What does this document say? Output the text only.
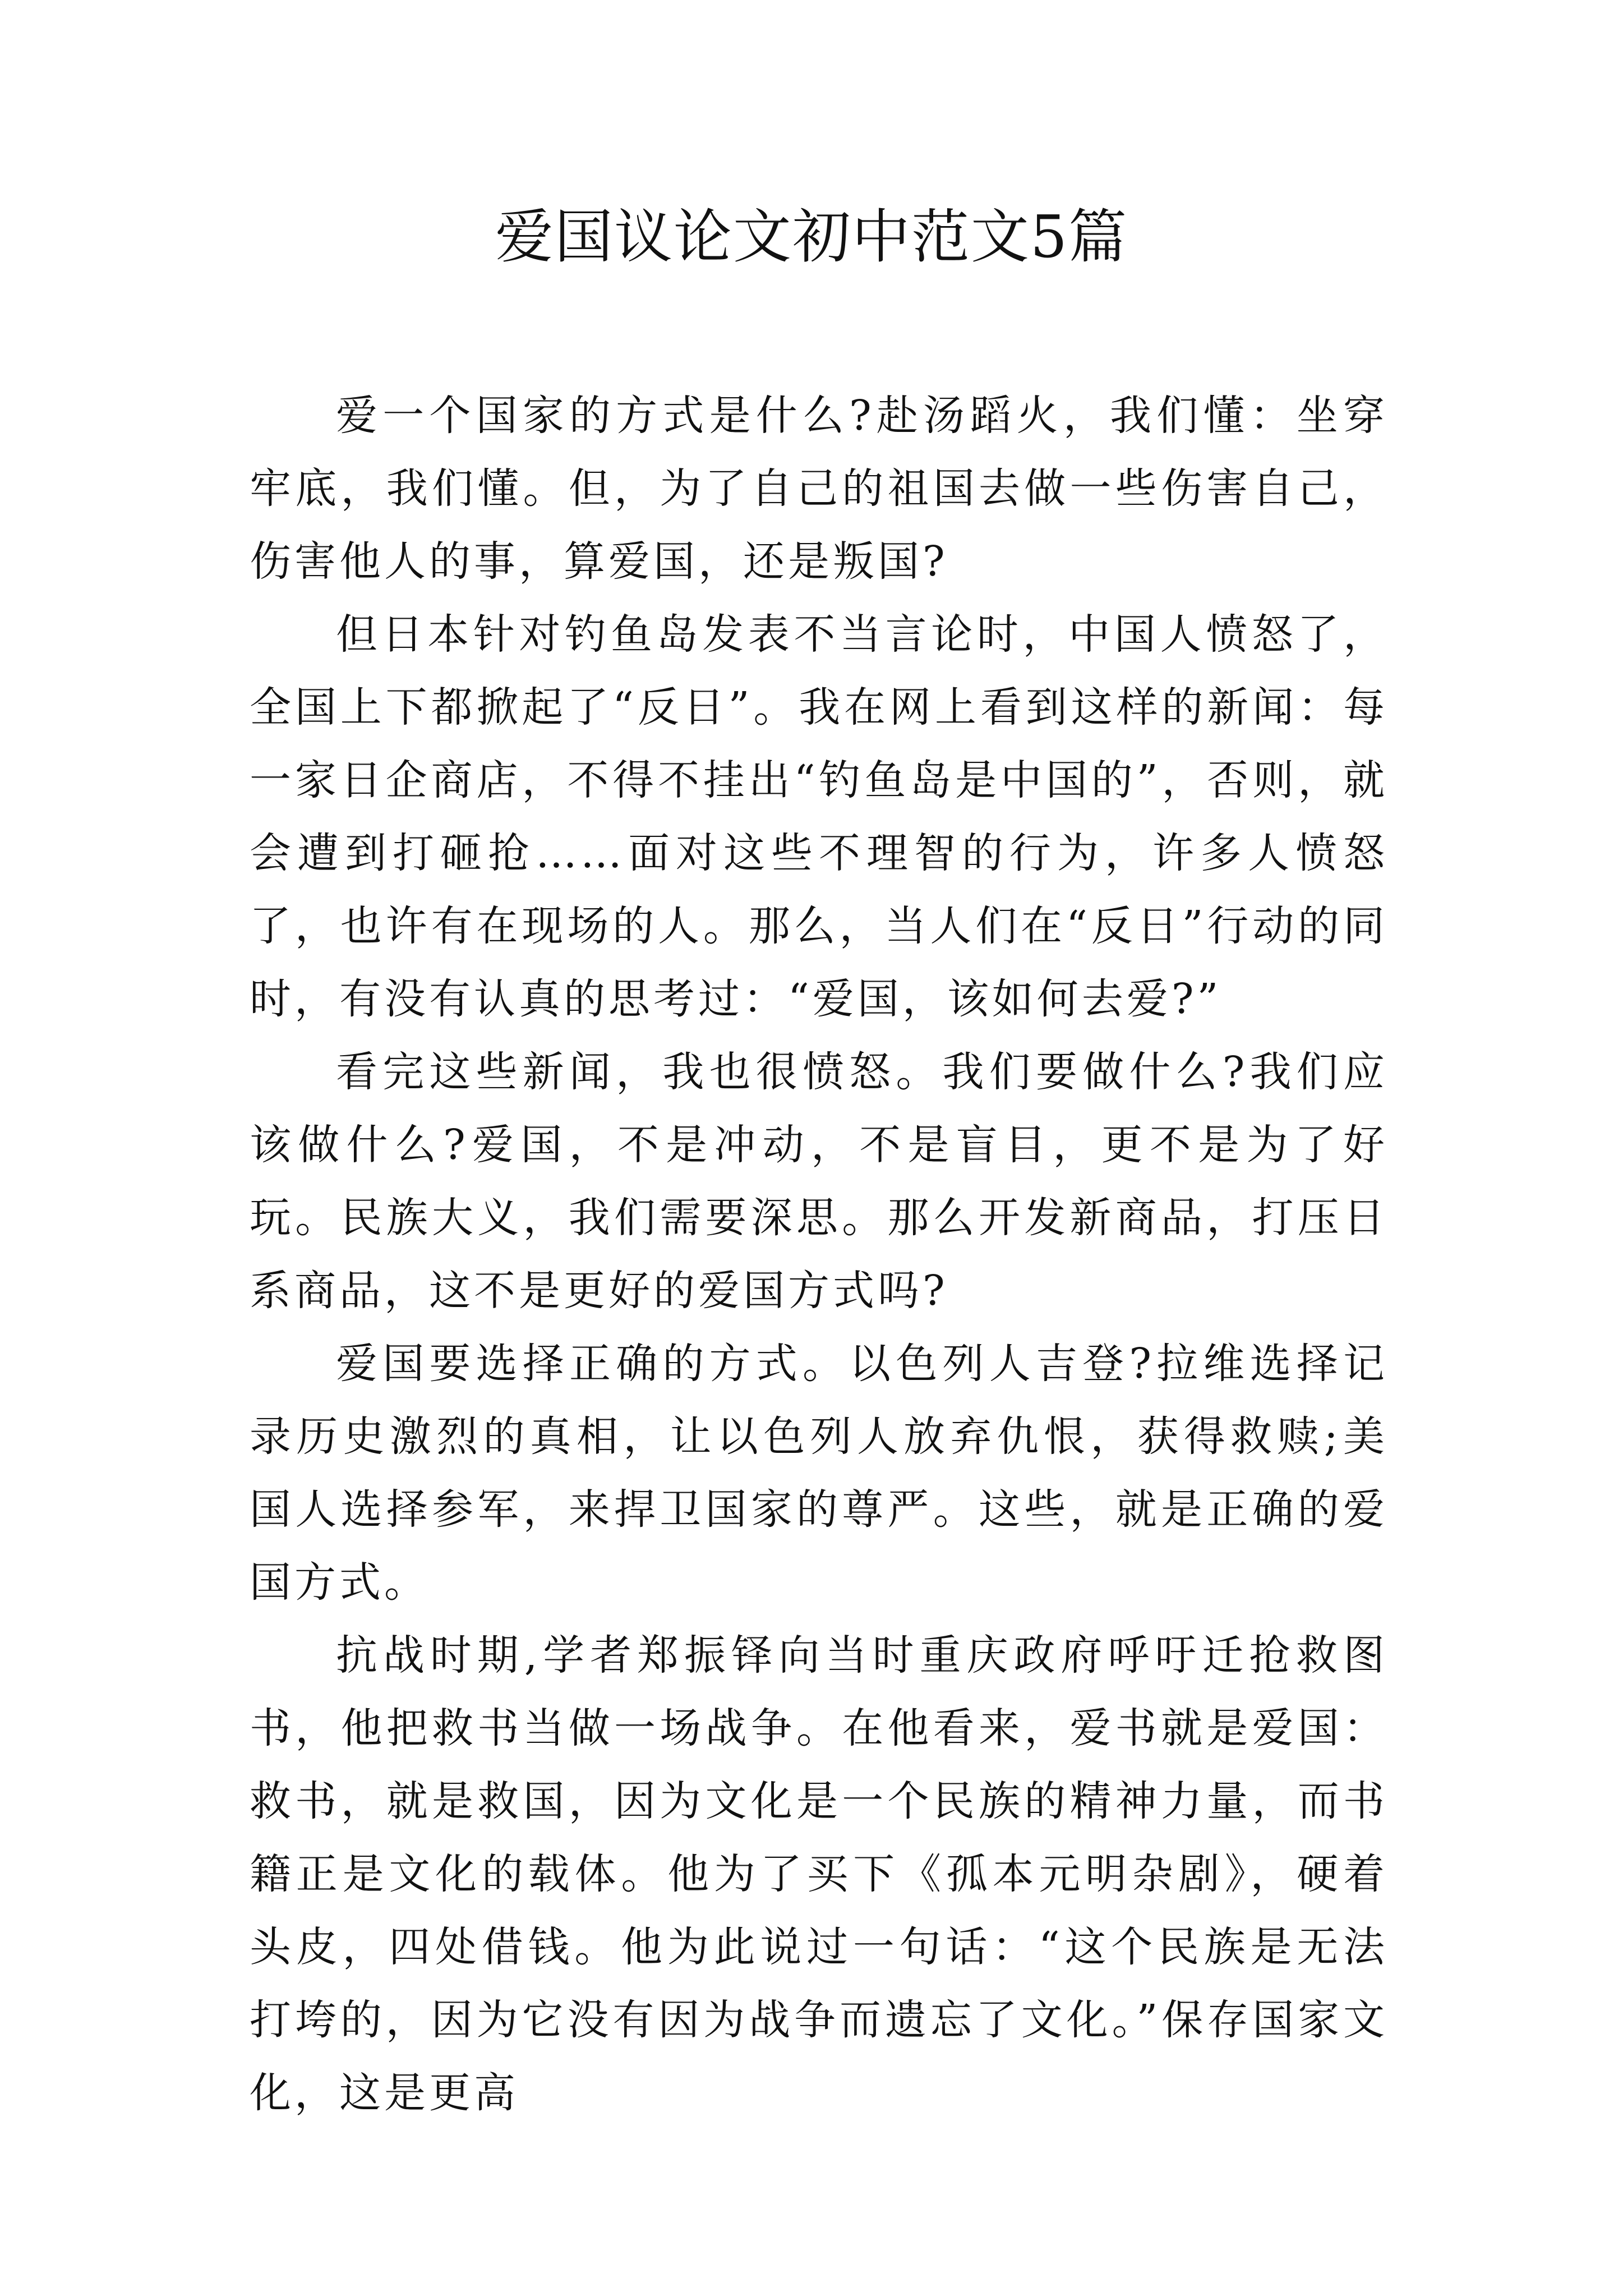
爱国议论文初中范文5篇

爱一个国家的方式是什么?赴汤蹈火，我们懂：坐穿牢底，我们懂。但，为了自己的祖国去做一些伤害自己，伤害他人的事，算爱国，还是叛国?

但日本针对钓鱼岛发表不当言论时，中国人愤怒了，全国上下都掀起了“反日”。我在网上看到这样的新闻：每一家日企商店，不得不挂出“钓鱼岛是中国的”，否则，就会遭到打砸抢……面对这些不理智的行为，许多人愤怒了，也许有在现场的人。那么，当人们在“反日”行动的同时，有没有认真的思考过：“爱国，该如何去爱?”

看完这些新闻，我也很愤怒。我们要做什么?我们应该做什么?爱国，不是冲动，不是盲目，更不是为了好玩。民族大义，我们需要深思。那么开发新商品，打压日系商品，这不是更好的爱国方式吗?

爱国要选择正确的方式。以色列人吉登?拉维选择记录历史激烈的真相，让以色列人放弃仇恨，获得救赎;美国人选择参军，来捍卫国家的尊严。这些，就是正确的爱国方式。

抗战时期,学者郑振铎向当时重庆政府呼吁迁抢救图书，他把救书当做一场战争。在他看来，爱书就是爱国：救书，就是救国，因为文化是一个民族的精神力量，而书籍正是文化的载体。他为了买下《孤本元明杂剧》，硬着头皮，四处借钱。他为此说过一句话：“这个民族是无法打垮的，因为它没有因为战争而遗忘了文化。”保存国家文化，这是更高
